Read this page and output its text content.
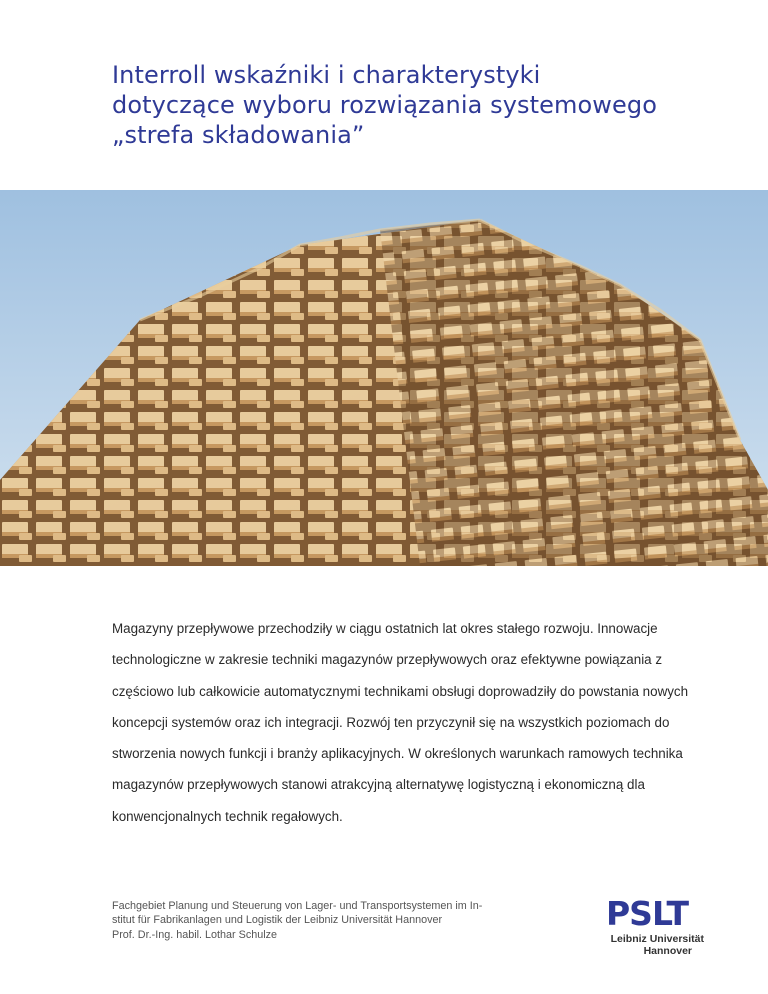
Interroll wskaźniki i charakterystyki
dotyczące wyboru rozwiązania systemowego
„strefa składowania”

Magazyny przepływowe przechodziły w ciągu ostatnich lat okres stałego rozwoju. Innowacje technologiczne w zakresie techniki magazynów przepływowych oraz efektywne powiązania z częściowo lub całkowicie automatycznymi technikami obsługi doprowadziły do powstania nowych koncepcji systemów oraz ich integracji. Rozwój ten przyczynił się na wszystkich poziomach do stworzenia nowych funkcji i branży aplikacyjnych. W określonych warunkach ramowych technika magazynów przepływowych stanowi atrakcyjną alternatywę logistyczną i ekonomiczną dla konwencjonalnych technik regałowych.

Fachgebiet Planung und Steuerung von Lager- und Transportsystemen im In-
stitut für Fabrikanlagen und Logistik der Leibniz Universität Hannover
Prof. Dr.-Ing. habil. Lothar Schulze
PSLT
Leibniz Universität
Hannover
